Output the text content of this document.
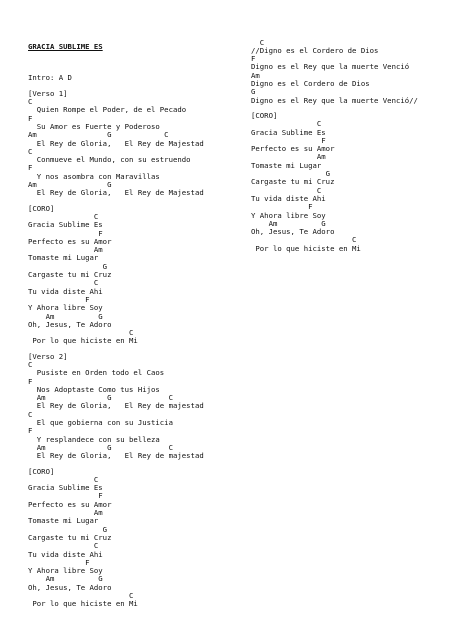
GRACIA SUBLIME ES

Intro: A D
[Verso 1]
C
Quien Rompe el Poder, de el Pecado
F
Su Amor es Fuerte y Poderoso
Am                G            C
El Rey de Gloria,   El Rey de Majestad
C
Conmueve el Mundo, con su estruendo
F
Y nos asombra con Maravillas
Am                G
El Rey de Gloria,   El Rey de Majestad
[CORO]
C
Gracia Sublime Es
F
Perfecto es su Amor
Am
Tomaste mi Lugar
G
Cargaste tu mi Cruz
C
Tu vida diste Ahi
F
Y Ahora libre Soy
Am          G
Oh, Jesus, Te Adoro
C
Por lo que hiciste en Mi
[Verso 2]
C
Pusiste en Orden todo el Caos
F
Nos Adoptaste Como tus Hijos
Am              G             C
El Rey de Gloria,   El Rey de majestad
C
El que gobierna con su Justicia
F
Y resplandece con su belleza
Am              G             C
El Rey de Gloria,   El Rey de majestad
[CORO]
C
Gracia Sublime Es
F
Perfecto es su Amor
Am
Tomaste mi Lugar
G
Cargaste tu mi Cruz
C
Tu vida diste Ahi
F
Y Ahora libre Soy
Am          G
Oh, Jesus, Te Adoro
C
Por lo que hiciste en Mi

C
//Digno es el Cordero de Dios
F
Digno es el Rey que la muerte Venció
Am
Digno es el Cordero de Dios
G
Digno es el Rey que la muerte Venció//
[CORO]
C
Gracia Sublime Es
F
Perfecto es su Amor
Am
Tomaste mi Lugar
G
Cargaste tu mi Cruz
C
Tu vida diste Ahi
F
Y Ahora libre Soy
Am          G
Oh, Jesus, Te Adoro
C
Por lo que hiciste en Mi
